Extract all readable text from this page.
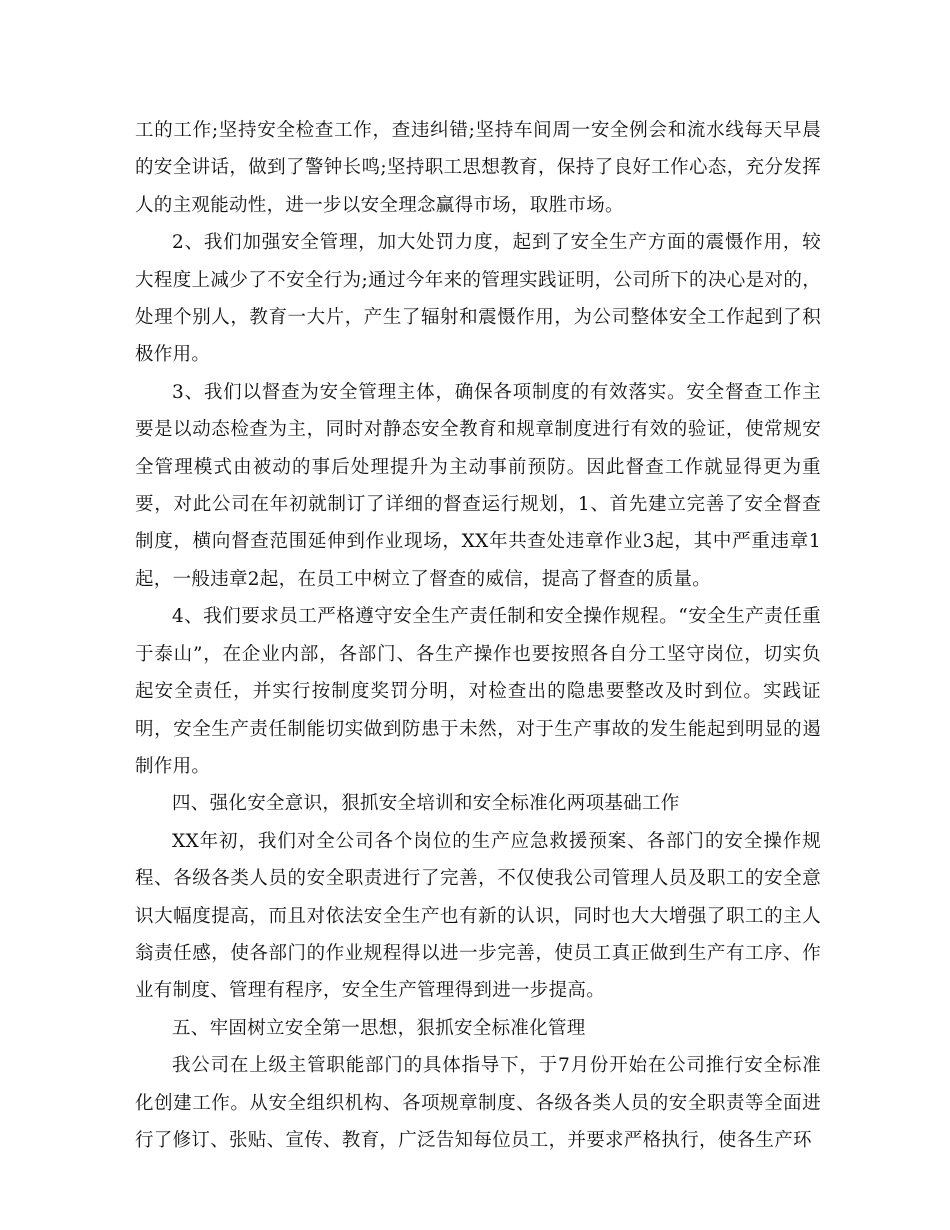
工的工作;坚持安全检查工作，查违纠错;坚持车间周一安全例会和流水线每天早晨的安全讲话，做到了警钟长鸣;坚持职工思想教育，保持了良好工作心态，充分发挥人的主观能动性，进一步以安全理念赢得市场，取胜市场。

2、我们加强安全管理，加大处罚力度，起到了安全生产方面的震慑作用，较大程度上减少了不安全行为;通过今年来的管理实践证明，公司所下的决心是对的，处理个别人，教育一大片，产生了辐射和震慑作用，为公司整体安全工作起到了积极作用。

3、我们以督查为安全管理主体，确保各项制度的有效落实。安全督查工作主要是以动态检查为主，同时对静态安全教育和规章制度进行有效的验证，使常规安全管理模式由被动的事后处理提升为主动事前预防。因此督查工作就显得更为重要，对此公司在年初就制订了详细的督查运行规划，1、首先建立完善了安全督查制度，横向督查范围延伸到作业现场，XX年共查处违章作业3起，其中严重违章1起，一般违章2起，在员工中树立了督查的威信，提高了督查的质量。

4、我们要求员工严格遵守安全生产责任制和安全操作规程。“安全生产责任重于泰山”，在企业内部，各部门、各生产操作也要按照各自分工坚守岗位，切实负起安全责任，并实行按制度奖罚分明，对检查出的隐患要整改及时到位。实践证明，安全生产责任制能切实做到防患于未然，对于生产事故的发生能起到明显的遏制作用。

四、强化安全意识，狠抓安全培训和安全标准化两项基础工作

XX年初，我们对全公司各个岗位的生产应急救援预案、各部门的安全操作规程、各级各类人员的安全职责进行了完善，不仅使我公司管理人员及职工的安全意识大幅度提高，而且对依法安全生产也有新的认识，同时也大大增强了职工的主人翁责任感，使各部门的作业规程得以进一步完善，使员工真正做到生产有工序、作业有制度、管理有程序，安全生产管理得到进一步提高。

五、牢固树立安全第一思想，狠抓安全标准化管理

我公司在上级主管职能部门的具体指导下，于7月份开始在公司推行安全标准化创建工作。从安全组织机构、各项规章制度、各级各类人员的安全职责等全面进行了修订、张贴、宣传、教育，广泛告知每位员工，并要求严格执行，使各生产环
